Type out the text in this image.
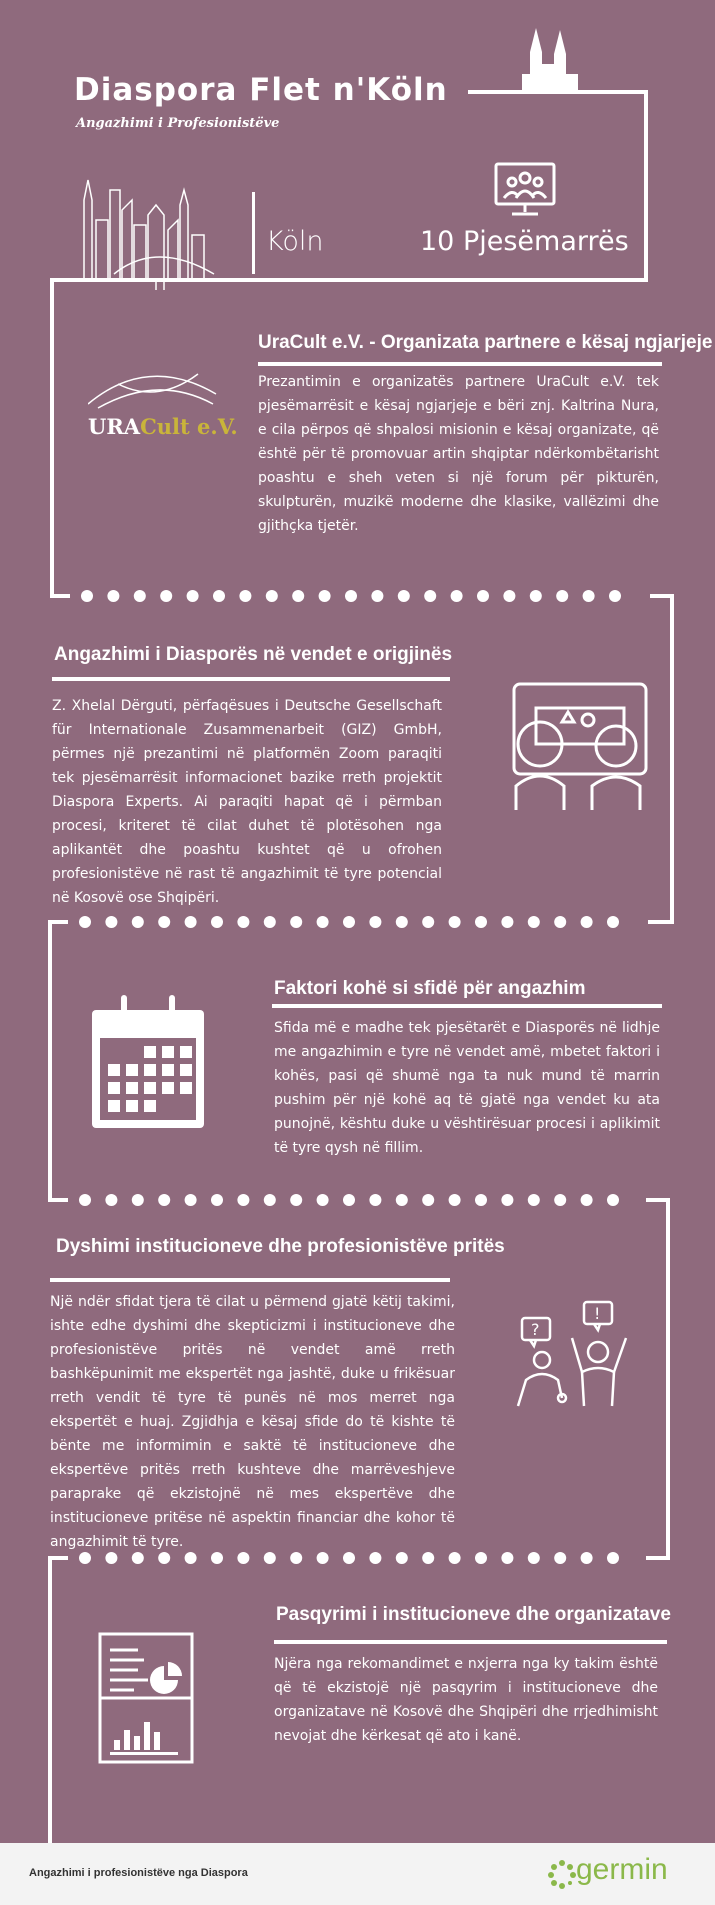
Diaspora Flet n'Köln
Angazhimi i Profesionistëve
Köln	10 Pjesëmarrës
URACult e.V.
UraCult e.V. - Organizata partnere e kësaj ngjarjeje
Prezantimin e organizatës partnere UraCult e.V. tek pjesëmarrësit e kësaj ngjarjeje e bëri znj. Kaltrina Nura, e cila përpos që shpalosi misionin e kësaj organizate, që është për të promovuar artin shqiptar ndërkombëtarisht poashtu e sheh veten si një forum për pikturën, skulpturën, muzikë moderne dhe klasike, vallëzimi dhe gjithçka tjetër.
Angazhimi i Diasporës në vendet e origjinës
Z. Xhelal Dërguti, përfaqësues i Deutsche Gesellschaft für Internationale Zusammenarbeit (GIZ) GmbH, përmes një prezantimi në platformën Zoom paraqiti tek pjesëmarrësit informacionet bazike rreth projektit Diaspora Experts. Ai paraqiti hapat që i përmban procesi, kriteret të cilat duhet të plotësohen nga aplikantët dhe poashtu kushtet që u ofrohen profesionistëve në rast të angazhimit të tyre potencial në Kosovë ose Shqipëri.
Faktori kohë si sfidë për angazhim
Sfida më e madhe tek pjesëtarët e Diasporës në lidhje me angazhimin e tyre në vendet amë, mbetet faktori i kohës, pasi që shumë nga ta nuk mund të marrin pushim për një kohë aq të gjatë nga vendet ku ata punojnë, kështu duke u vështirësuar procesi i aplikimit të tyre qysh në fillim.
Dyshimi institucioneve dhe profesionistëve pritës
Një ndër sfidat tjera të cilat u përmend gjatë këtij takimi, ishte edhe dyshimi dhe skepticizmi i institucioneve dhe profesionistëve pritës në vendet amë rreth bashkëpunimit me ekspertët nga jashtë, duke u frikësuar rreth vendit të tyre të punës në mos merret nga ekspertët e huaj. Zgjidhja e kësaj sfide do të kishte të bënte me informimin e saktë të institucioneve dhe ekspertëve pritës rreth kushteve dhe marrëveshjeve paraprake që ekzistojnë në mes ekspertëve dhe institucioneve pritëse në aspektin financiar dhe kohor të angazhimit të tyre.
?
!
Pasqyrimi i institucioneve dhe organizatave
Njëra nga rekomandimet e nxjerra nga ky takim është që të ekzistojë një pasqyrim i institucioneve dhe organizatave në Kosovë dhe Shqipëri dhe rrjedhimisht nevojat dhe kërkesat që ato i kanë.
Angazhimi i profesionistëve nga Diaspora	germin
